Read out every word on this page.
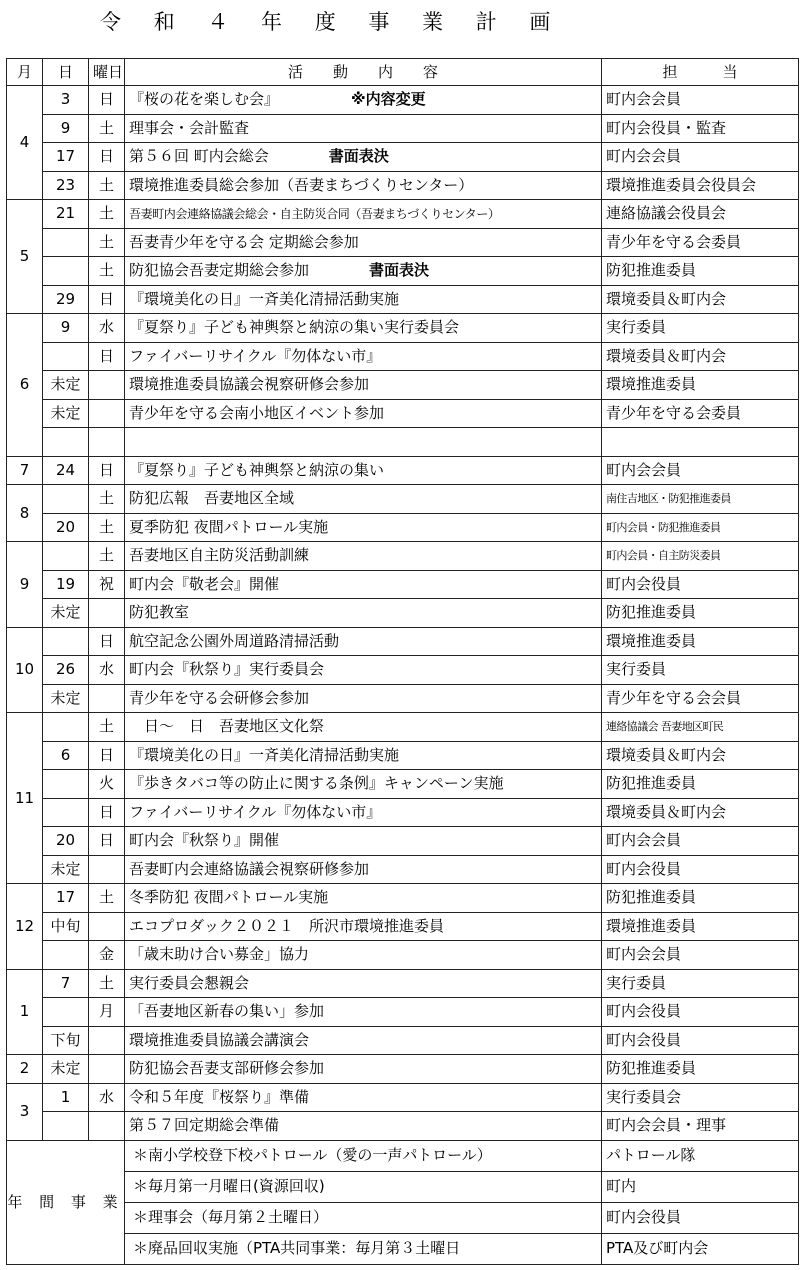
令 和 ４ 年 度 事 業 計 画
月	日	曜日	活　　動　　内　　容	担　　　当
4	3	日	『桜の花を楽しむ会』 ※内容変更	町内会会員
	9	土	理事会・会計監査	町内会役員・監査
	17	日	第５６回 町内会総会 書面表決	町内会会員
	23	土	環境推進委員総会参加（吾妻まちづくりセンター）	環境推進委員会役員会
5	21	土	吾妻町内会連絡協議会総会・自主防災合同（吾妻まちづくりセンター）	連絡協議会役員会
		土	吾妻青少年を守る会 定期総会参加	青少年を守る会委員
		土	防犯協会吾妻定期総会参加 書面表決	防犯推進委員
	29	日	『環境美化の日』一斉美化清掃活動実施	環境委員＆町内会
6	9	水	『夏祭り』子ども神輿祭と納涼の集い実行委員会	実行委員
		日	ファイバーリサイクル『勿体ない市』	環境委員＆町内会
	未定		環境推進委員協議会視察研修会参加	環境推進委員
	未定		青少年を守る会南小地区イベント参加	青少年を守る会委員

7	24	日	『夏祭り』子ども神輿祭と納涼の集い	町内会会員
8		土	防犯広報　吾妻地区全域	南住吉地区・防犯推進委員
	20	土	夏季防犯 夜間パトロール実施	町内会員・防犯推進委員
9		土	吾妻地区自主防災活動訓練	町内会員・自主防災委員
	19	祝	町内会『敬老会』開催	町内会役員
	未定		防犯教室	防犯推進委員
10		日	航空記念公園外周道路清掃活動	環境推進委員
	26	水	町内会『秋祭り』実行委員会	実行委員
	未定		青少年を守る会研修会参加	青少年を守る会会員
11		土	　日～　日　吾妻地区文化祭	連絡協議会 吾妻地区町民
	6	日	『環境美化の日』一斉美化清掃活動実施	環境委員＆町内会
		火	『歩きタバコ等の防止に関する条例』キャンペーン実施	防犯推進委員
		日	ファイバーリサイクル『勿体ない市』	環境委員＆町内会
	20	日	町内会『秋祭り』開催	町内会会員
	未定		吾妻町内会連絡協議会視察研修参加	町内会役員
12	17	土	冬季防犯 夜間パトロール実施	防犯推進委員
	中旬		エコプロダック２０２１　所沢市環境推進委員	環境推進委員
		金	「歳末助け合い募金」協力	町内会会員
1	7	土	実行委員会懇親会	実行委員
		月	「吾妻地区新春の集い」参加	町内会役員
	下旬		環境推進委員協議会講演会	町内会役員
2	未定		防犯協会吾妻支部研修会参加	防犯推進委員
3	1	水	令和５年度『桜祭り』準備	実行委員会
			第５７回定期総会準備	町内会会員・理事
年 間 事 業			＊南小学校登下校パトロール（愛の一声パトロール）	パトロール隊
			＊毎月第一月曜日(資源回収)	町内
			＊理事会（毎月第２土曜日）	町内会役員
			＊廃品回収実施（PTA共同事業：毎月第３土曜日	PTA及び町内会
